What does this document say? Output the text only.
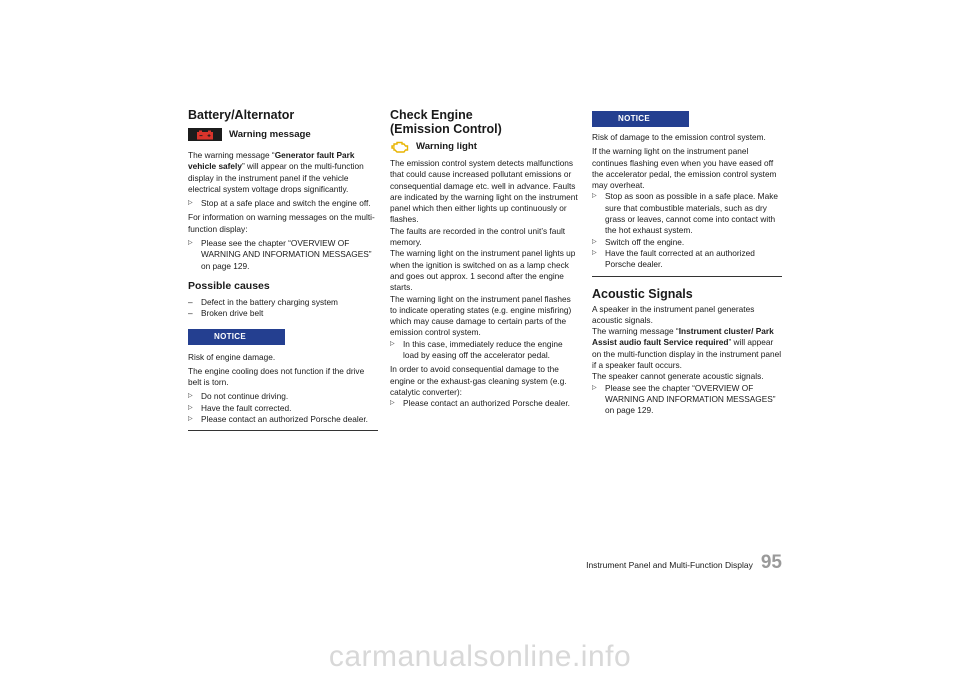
Battery/Alternator
Warning message

The warning message “Generator fault Park vehicle safely” will appear on the multi-function display in the instrument panel if the vehicle electrical system voltage drops significantly.

▷	Stop at a safe place and switch the engine off.

For information on warning messages on the multi-function display:

▷	Please see the chapter “OVERVIEW OF WARNING AND INFORMATION MESSAGES” on page 129.
Possible causes
–	Defect in the battery charging system
–	Broken drive belt
NOTICE

Risk of engine damage.

The engine cooling does not function if the drive belt is torn.

▷	Do not continue driving.
▷	Have the fault corrected.
▷	Please contact an authorized Porsche dealer.
Check Engine
(Emission Control)
Warning light

The emission control system detects malfunctions that could cause increased pollutant emissions or consequential damage etc. well in advance. Faults are indicated by the warning light on the instrument panel which then either lights up continuously or flashes.

The faults are recorded in the control unit’s fault memory.

The warning light on the instrument panel lights up when the ignition is switched on as a lamp check and goes out approx. 1 second after the engine starts.

The warning light on the instrument panel flashes to indicate operating states (e.g. engine misfiring) which may cause damage to certain parts of the emission control system.

▷	In this case, immediately reduce the engine load by easing off the accelerator pedal.

In order to avoid consequential damage to the engine or the exhaust-gas cleaning system (e.g. catalytic converter):

▷	Please contact an authorized Porsche dealer.
NOTICE

Risk of damage to the emission control system.

If the warning light on the instrument panel continues flashing even when you have eased off the accelerator pedal, the emission control system may overheat.

▷	Stop as soon as possible in a safe place. Make sure that combustible materials, such as dry grass or leaves, cannot come into contact with the hot exhaust system.
▷	Switch off the engine.
▷	Have the fault corrected at an authorized Porsche dealer.
Acoustic Signals

A speaker in the instrument panel generates acoustic signals.

The warning message “Instrument cluster/ Park Assist audio fault Service required” will appear on the multi-function display in the instrument panel if a speaker fault occurs.

The speaker cannot generate acoustic signals.

▷	Please see the chapter “OVERVIEW OF WARNING AND INFORMATION MESSAGES” on page 129.
Instrument Panel and Multi-Function Display 95
carmanualsonline.info
